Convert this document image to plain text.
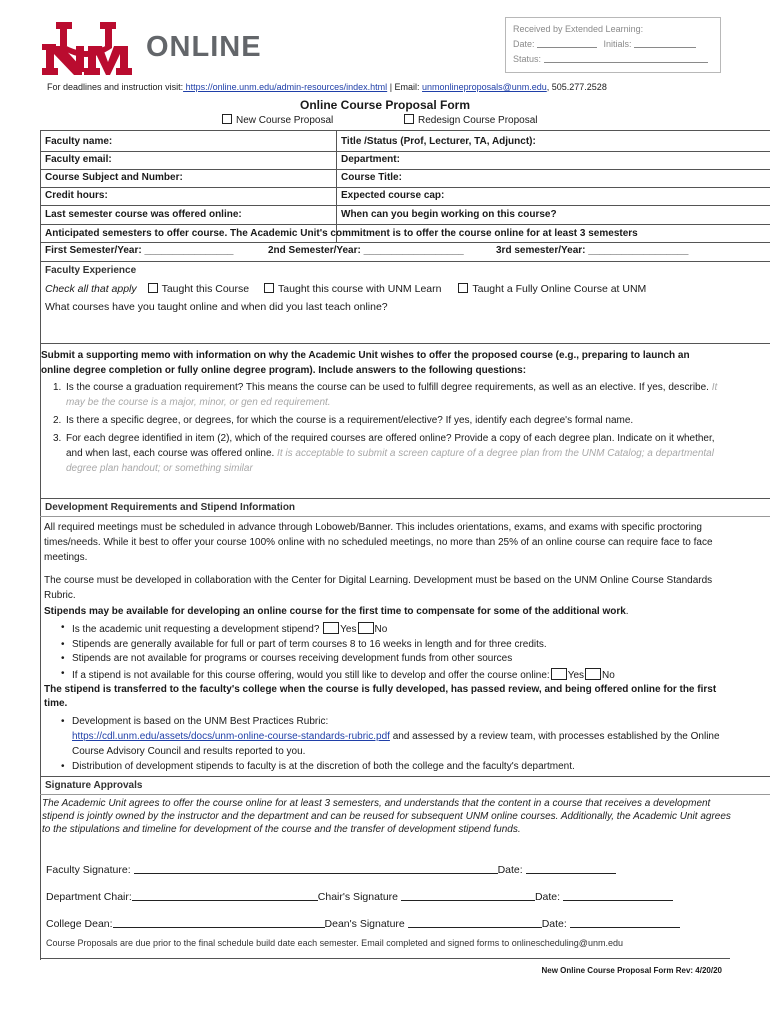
ONLINE
Received by Extended Learning:
Date:	Initials:
Status:
For deadlines and instruction visit: https://online.unm.edu/admin-resources/index.html | Email: unmonlineproposals@unm.edu, 505.277.2528
Online Course Proposal Form
New Course Proposal	Redesign Course Proposal
Faculty name:	Title /Status (Prof, Lecturer, TA, Adjunct):
Faculty email:	Department:
Course Subject and Number:	Course Title:
Credit hours:	Expected course cap:
Last semester course was offered online:	When can you begin working on this course?
Anticipated semesters to offer course. The Academic Unit's commitment is to offer the course online for at least 3 semesters
First Semester/Year: ________________	2nd Semester/Year: __________________	3rd semester/Year: __________________
Faculty Experience
Check all that apply Taught this Course	Taught this course with UNM Learn	Taught a Fully Online Course at UNM
What courses have you taught online and when did you last teach online?
Submit a supporting memo with information on why the Academic Unit wishes to offer the proposed course (e.g., preparing to launch an online degree completion or fully online degree program). Include answers to the following questions:
1. Is the course a graduation requirement? This means the course can be used to fulfill degree requirements, as well as an elective. If yes, describe. It may be the course is a major, minor, or gen ed requirement.
2. Is there a specific degree, or degrees, for which the course is a requirement/elective? If yes, identify each degree's formal name.
3. For each degree identified in item (2), which of the required courses are offered online? Provide a copy of each degree plan. Indicate on it whether, and when last, each course was offered online. It is acceptable to submit a screen capture of a degree plan from the UNM Catalog; a departmental degree plan handout; or something similar
Development Requirements and Stipend Information
All required meetings must be scheduled in advance through Loboweb/Banner. This includes orientations, exams, and exams with specific proctoring times/needs. While it best to offer your course 100% online with no scheduled meetings, no more than 25% of an online course can require face to face meetings.
The course must be developed in collaboration with the Center for Digital Learning. Development must be based on the UNM Online Course Standards Rubric.
Stipends may be available for developing an online course for the first time to compensate for some of the additional work.
• Is the academic unit requesting a development stipend? Yes No
• Stipends are generally available for full or part of term courses 8 to 16 weeks in length and for three credits.
• Stipends are not available for programs or courses receiving development funds from other sources
• If a stipend is not available for this course offering, would you still like to develop and offer the course online: Yes No
The stipend is transferred to the faculty's college when the course is fully developed, has passed review, and being offered online for the first time.
• Development is based on the UNM Best Practices Rubric:
https://cdl.unm.edu/assets/docs/unm-online-course-standards-rubric.pdf and assessed by a review team, with processes established by the Online Course Advisory Council and results reported to you.
• Distribution of development stipends to faculty is at the discretion of both the college and the faculty's department.
Signature Approvals
The Academic Unit agrees to offer the course online for at least 3 semesters, and understands that the content in a course that receives a development stipend is jointly owned by the instructor and the department and can be reused for subsequent UNM online courses. Additionally, the Academic Unit agrees to the stipulations and timeline for development of the course and the transfer of development stipend funds.
Faculty Signature:	Date:
Department Chair:	Chair's Signature	Date:
College Dean:	Dean's Signature	Date:
Course Proposals are due prior to the final schedule build date each semester. Email completed and signed forms to onlinescheduling@unm.edu
New Online Course Proposal Form Rev: 4/20/20
